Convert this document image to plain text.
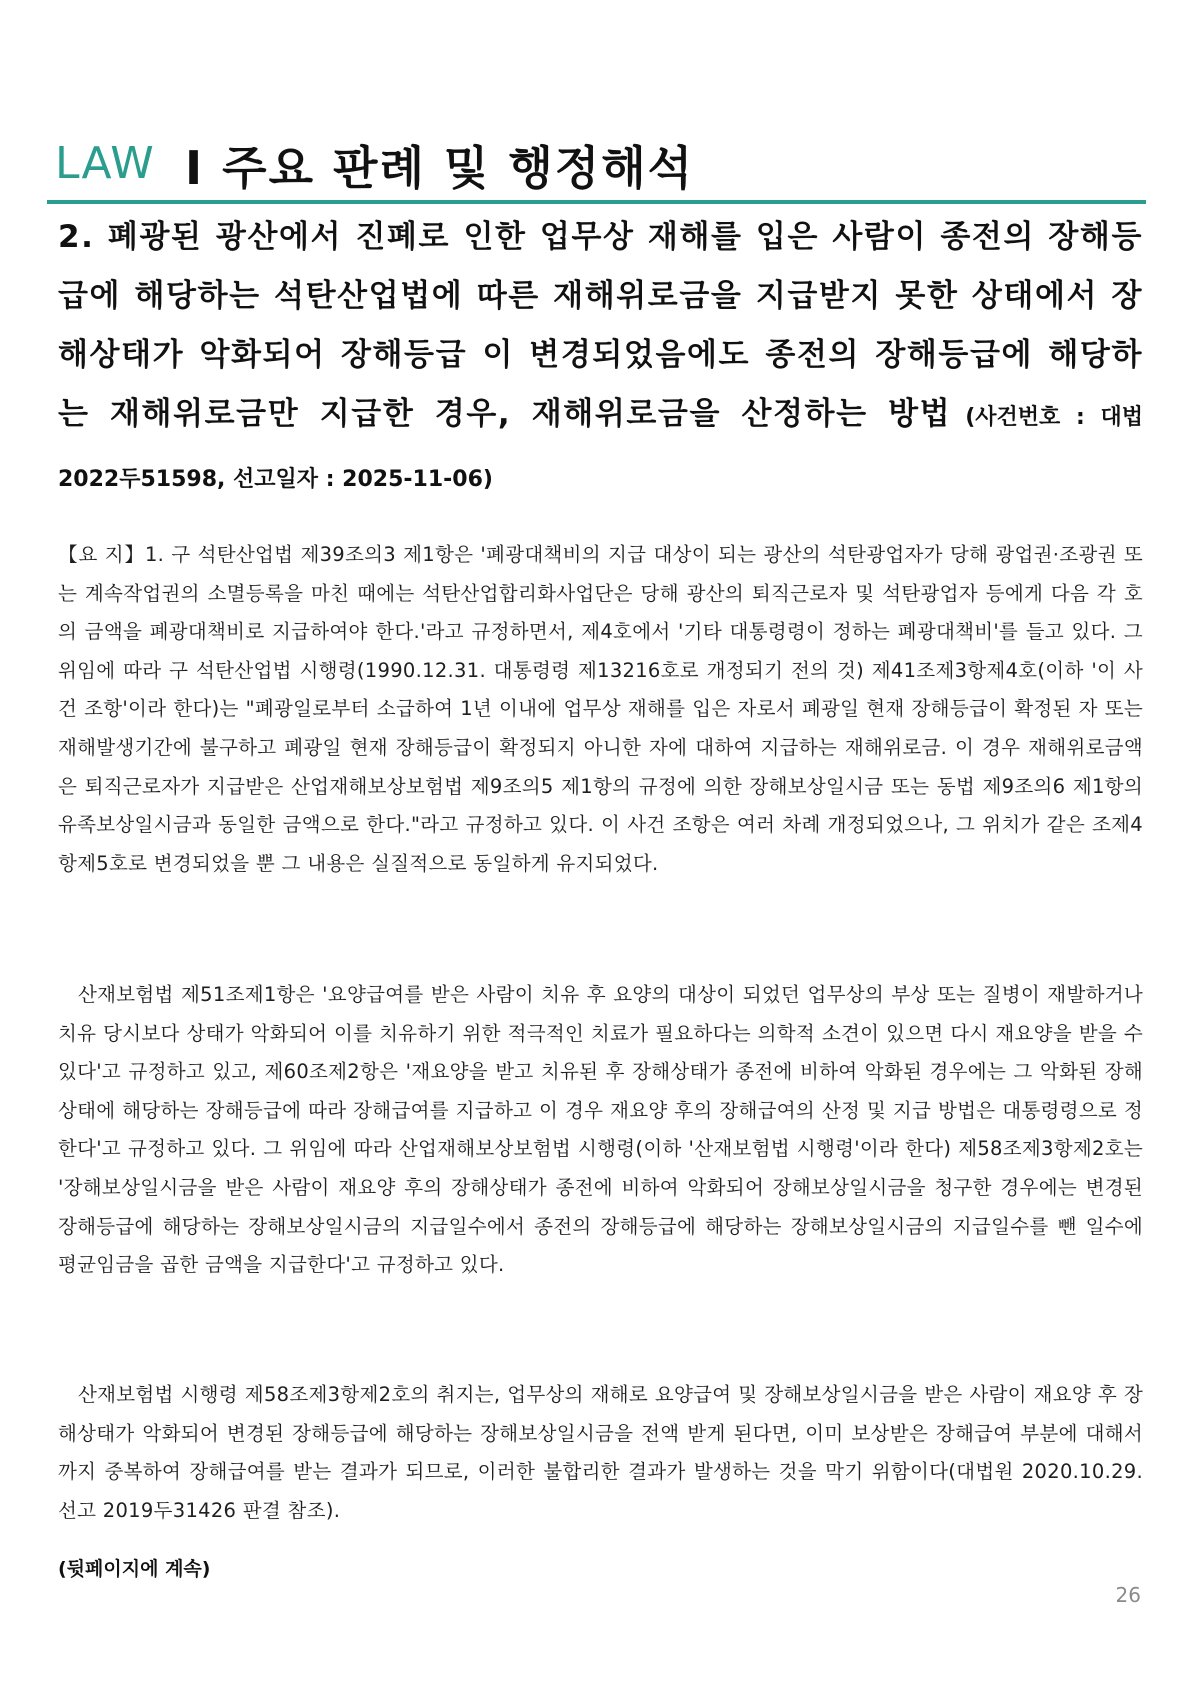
LAW Ⅰ 주요 판례 및 행정해석
2. 폐광된 광산에서 진폐로 인한 업무상 재해를 입은 사람이 종전의 장해등급에 해당하는 석탄산업법에 따른 재해위로금을 지급받지 못한 상태에서 장해상태가 악화되어 장해등급 이 변경되었음에도 종전의 장해등급에 해당하는 재해위로금만 지급한 경우, 재해위로금을 산정하는 방법 (사건번호 : 대법 2022두51598, 선고일자 : 2025-11-06)
【요 지】1. 구 석탄산업법 제39조의3 제1항은 '폐광대책비의 지급 대상이 되는 광산의 석탄광업자가 당해 광업권·조광권 또는 계속작업권의 소멸등록을 마친 때에는 석탄산업합리화사업단은 당해 광산의 퇴직근로자 및 석탄광업자 등에게 다음 각 호의 금액을 폐광대책비로 지급하여야 한다.'라고 규정하면서, 제4호에서 '기타 대통령령이 정하는 폐광대책비'를 들고 있다. 그 위임에 따라 구 석탄산업법 시행령(1990.12.31. 대통령령 제13216호로 개정되기 전의 것) 제41조제3항제4호(이하 '이 사건 조항'이라 한다)는 "폐광일로부터 소급하여 1년 이내에 업무상 재해를 입은 자로서 폐광일 현재 장해등급이 확정된 자 또는 재해발생기간에 불구하고 폐광일 현재 장해등급이 확정되지 아니한 자에 대하여 지급하는 재해위로금. 이 경우 재해위로금액은 퇴직근로자가 지급받은 산업재해보상보험법 제9조의5 제1항의 규정에 의한 장해보상일시금 또는 동법 제9조의6 제1항의 유족보상일시금과 동일한 금액으로 한다."라고 규정하고 있다. 이 사건 조항은 여러 차례 개정되었으나, 그 위치가 같은 조제4항제5호로 변경되었을 뿐 그 내용은 실질적으로 동일하게 유지되었다.
산재보험법 제51조제1항은 '요양급여를 받은 사람이 치유 후 요양의 대상이 되었던 업무상의 부상 또는 질병이 재발하거나 치유 당시보다 상태가 악화되어 이를 치유하기 위한 적극적인 치료가 필요하다는 의학적 소견이 있으면 다시 재요양을 받을 수 있다'고 규정하고 있고, 제60조제2항은 '재요양을 받고 치유된 후 장해상태가 종전에 비하여 악화된 경우에는 그 악화된 장해상태에 해당하는 장해등급에 따라 장해급여를 지급하고 이 경우 재요양 후의 장해급여의 산정 및 지급 방법은 대통령령으로 정한다'고 규정하고 있다. 그 위임에 따라 산업재해보상보험법 시행령(이하 '산재보험법 시행령'이라 한다) 제58조제3항제2호는 '장해보상일시금을 받은 사람이 재요양 후의 장해상태가 종전에 비하여 악화되어 장해보상일시금을 청구한 경우에는 변경된 장해등급에 해당하는 장해보상일시금의 지급일수에서 종전의 장해등급에 해당하는 장해보상일시금의 지급일수를 뺀 일수에 평균임금을 곱한 금액을 지급한다'고 규정하고 있다.
산재보험법 시행령 제58조제3항제2호의 취지는, 업무상의 재해로 요양급여 및 장해보상일시금을 받은 사람이 재요양 후 장해상태가 악화되어 변경된 장해등급에 해당하는 장해보상일시금을 전액 받게 된다면, 이미 보상받은 장해급여 부분에 대해서까지 중복하여 장해급여를 받는 결과가 되므로, 이러한 불합리한 결과가 발생하는 것을 막기 위함이다(대법원 2020.10.29. 선고 2019두31426 판결 참조).
(뒷페이지에 계속)
26
